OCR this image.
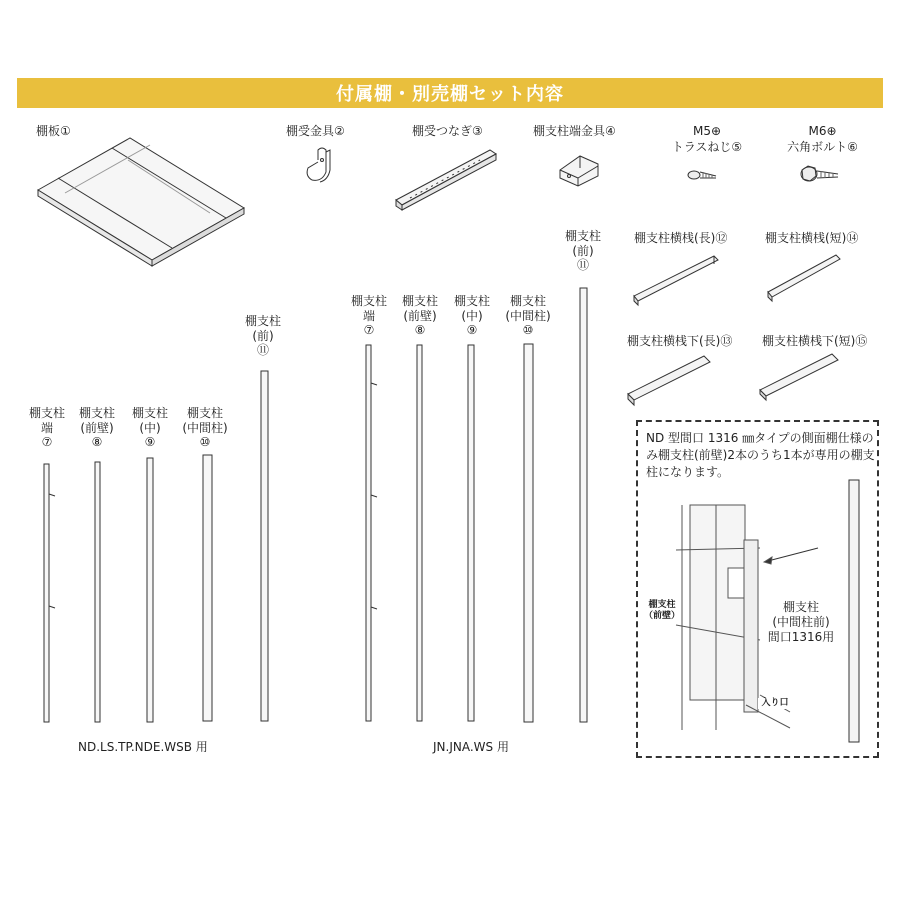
付属棚・別売棚セット内容
棚板①	棚受金具②	棚受つなぎ③	棚支柱端金具④	M5⊕
トラスねじ⑤
M6⊕
六角ボルト⑥
棚支柱横桟(長)⑫	棚支柱横桟(短)⑭
棚支柱横桟下(長)⑬ 棚支柱横桟下(短)⑮
棚支柱
端
⑦
棚支柱
(前壁)
⑧
棚支柱
(中)
⑨
棚支柱
(中間柱)
⑩
棚支柱
(前)
⑪
棚支柱
端
⑦
棚支柱
(前壁)
⑧
棚支柱
(中)
⑨
棚支柱
(中間柱)
⑩
棚支柱
(前)
⑪
ND.LS.TP.NDE.WSB 用	JN.JNA.WS 用
ND 型間口 1316 ㎜タイプの側面棚仕様のみ棚支柱(前壁)2本のうち1本が専用の棚支柱になります。
棚支柱
（前壁）
棚支柱
(中間柱前)
間口1316用
入り口
